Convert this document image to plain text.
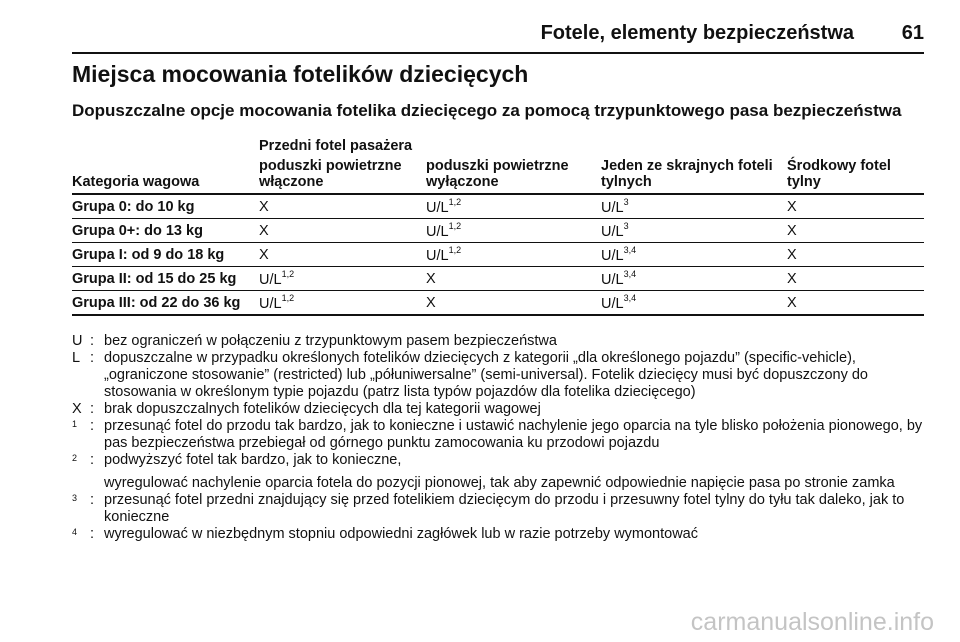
Fotele, elementy bezpieczeństwa 61
Miejsca mocowania fotelików dziecięcych
Dopuszczalne opcje mocowania fotelika dziecięcego za pomocą trzypunktowego pasa bezpieczeństwa
	Przedni fotel pasażera			
Kategoria wagowa	poduszki powietrzne włączone	poduszki powietrzne wyłączone	Jeden ze skrajnych foteli tylnych	Środkowy fotel tylny
Grupa 0: do 10 kg	X	$U/L^{1,2}$	$U/L^3$	X
Grupa 0+: do 13 kg	X	$U/L^{1,2}$	$U/L^3$	X
Grupa I: od 9 do 18 kg	X	$U/L^{1,2}$	$U/L^{3,4}$	X
Grupa II: od 15 do 25 kg	$U/L^{1,2}$	X	$U/L^{3,4}$	X
Grupa III: od 22 do 36 kg	$U/L^{1,2}$	X	$U/L^{3,4}$	X
U : bez ograniczeń w połączeniu z trzypunktowym pasem bezpieczeństwa
L : dopuszczalne w przypadku określonych fotelików dziecięcych z kategorii „dla określonego pojazdu” (specific-vehicle), „ograniczone stosowanie” (restricted) lub „półuniwersalne” (semi-universal). Fotelik dziecięcy musi być dopuszczony do stosowania w określonym typie pojazdu (patrz lista typów pojazdów dla fotelika dziecięcego)
X : brak dopuszczalnych fotelików dziecięcych dla tej kategorii wagowej
1 : przesunąć fotel do przodu tak bardzo, jak to konieczne i ustawić nachylenie jego oparcia na tyle blisko położenia pionowego, by pas bezpieczeństwa przebiegał od górnego punktu zamocowania ku przodowi pojazdu
2 : podwyższyć fotel tak bardzo, jak to konieczne,
wyregulować nachylenie oparcia fotela do pozycji pionowej, tak aby zapewnić odpowiednie napięcie pasa po stronie zamka
3 : przesunąć fotel przedni znajdujący się przed fotelikiem dziecięcym do przodu i przesuwny fotel tylny do tyłu tak daleko, jak to konieczne
4 : wyregulować w niezbędnym stopniu odpowiedni zagłówek lub w razie potrzeby wymontować
carmanualsonline.info
